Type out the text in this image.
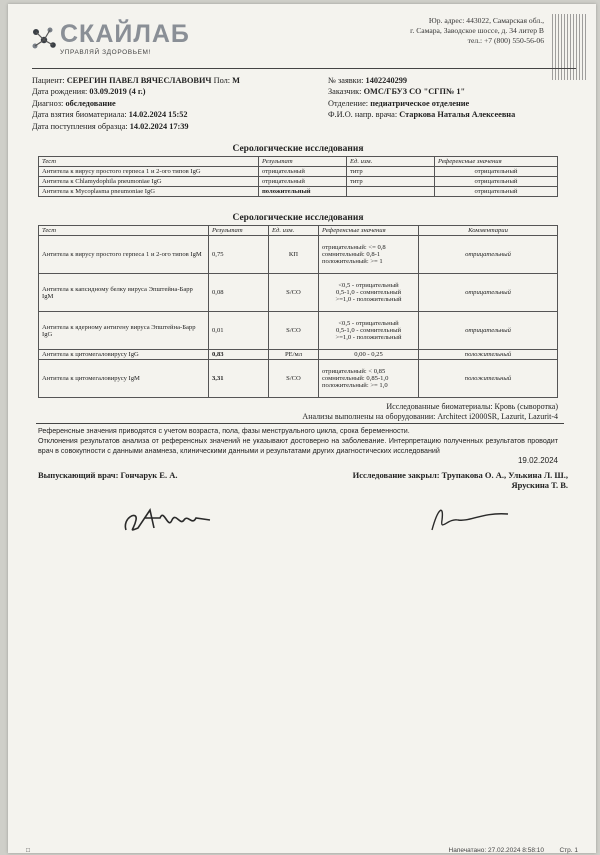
СКАЙЛАБ
УПРАВЛЯЙ ЗДОРОВЬЕМ!
Юр. адрес: 443022, Самарская обл.,
г. Самара, Заводское шоссе, д. 34 литер В
тел.: +7 (800) 550-56-06
Пациент: СЕРЕГИН ПАВЕЛ ВЯЧЕСЛАВОВИЧ Пол: М
Дата рождения: 03.09.2019 (4 г.)
Диагноз: обследование
Дата взятия биоматериала: 14.02.2024 15:52
Дата поступления образца: 14.02.2024 17:39
№ заявки: 1402240299
Заказчик: ОМС/ГБУЗ СО "СГП№ 1"
Отделение: педиатрическое отделение
Ф.И.О. напр. врача: Старкова Наталья Алексеевна
Серологические исследования
Тест	Результат	Ед. изм.	Референсные значения
Антитела к вирусу простого герпеса 1 и 2-ого типов IgG	отрицательный	титр	отрицательный
Антитела к Chlamydophila pneumoniae IgG	отрицательный	титр	отрицательный
Антитела к Mycoplasma pneumoniae IgG	положительный		отрицательный
Серологические исследования
Тест	Результат	Ед. изм.	Референсные значения	Комментарии
Антитела к вирусу простого герпеса 1 и 2-ого типов IgM	0,75	КП	отрицательный: <= 0,8
сомнительный: 0,8-1
положительный: >= 1	отрицательный
Антитела к капсидному белку вируса Эпштейна-Барр IgM	0,08	S/CO	<0,5 - отрицательный
0,5-1,0 - сомнительный
>=1,0 - положительный	отрицательный
Антитела к ядерному антигену вируса Эпштейна-Барр IgG	0,01	S/CO	<0,5 - отрицательный
0,5-1,0 - сомнительный
>=1,0 - положительный	отрицательный
Антитела к цитомегаловирусу IgG	0,83	РЕ/мл	0,00 - 0,25	положительный
Антитела к цитомегаловирусу IgM	3,31	S/CO	отрицательный: < 0,85
сомнительный: 0,85-1,0
положительный: >= 1,0	положительный
Исследованные биоматериалы: Кровь (сыворотка)
Анализы выполнены на оборудовании: Architect i2000SR, Lazurit, Lazurit-4
Референсные значения приводятся с учетом возраста, пола, фазы менструального цикла, срока беременности.
Отклонения результатов анализа от референсных значений не указывают достоверно на заболевание. Интерпретацию полученных результатов проводит врач в совокупности с данными анамнеза, клиническими данными и результатами других диагностических исследований
19.02.2024
Выпускающий врач: Гончарук Е. А.	Исследование закрыл: Трупакова О. А., Улькина Л. Ш.,
Ярускина Т. В.
□	Напечатано: 27.02.2024 8:58:10 Стр. 1
